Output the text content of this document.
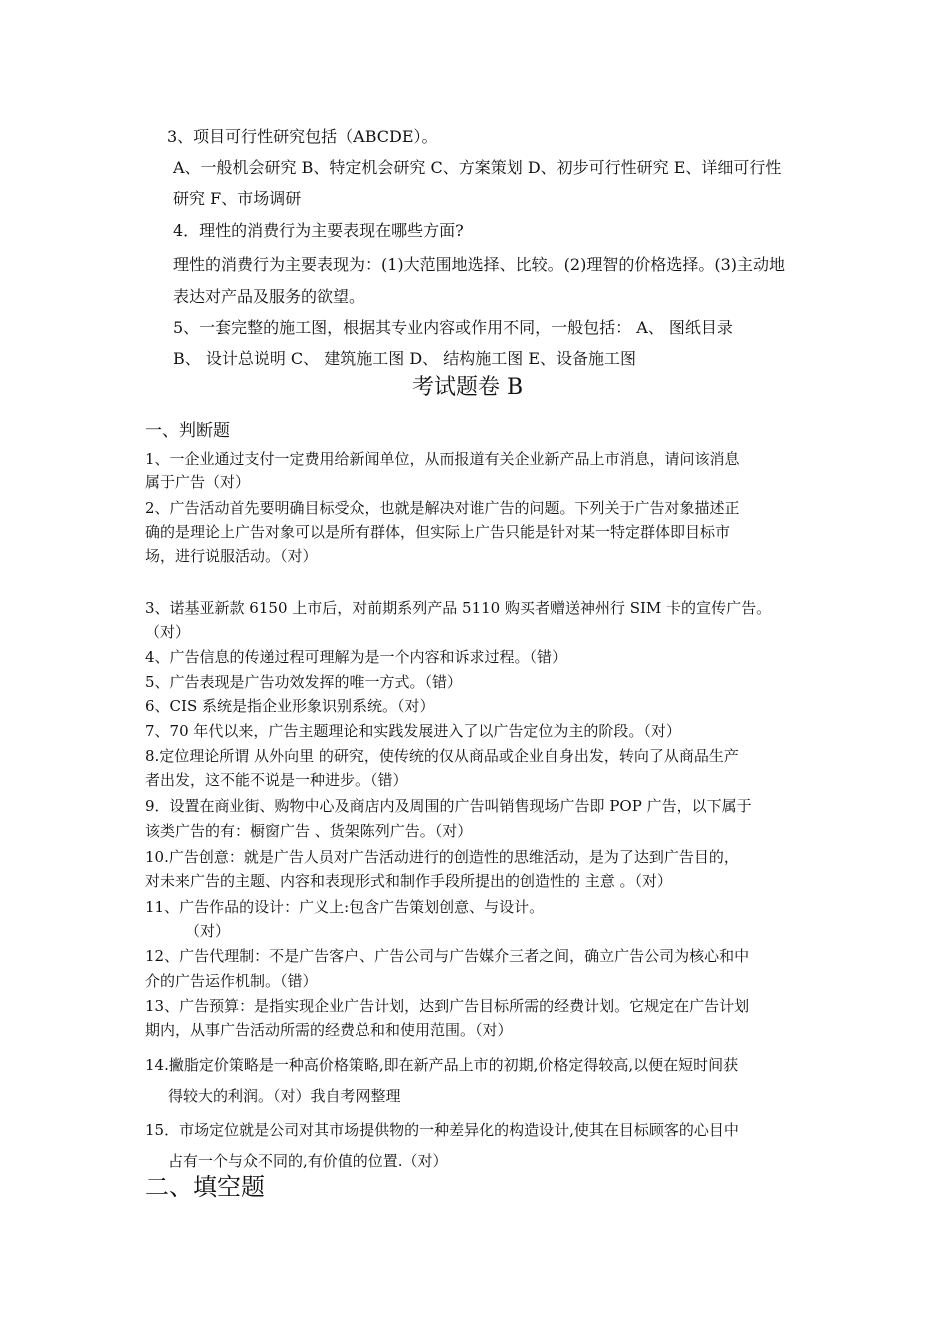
3、项目可行性研究包括（ABCDE）。
A、一般机会研究 B、特定机会研究 C、方案策划 D、初步可行性研究 E、详细可行性
研究 F、市场调研
4．理性的消费行为主要表现在哪些方面?
理性的消费行为主要表现为：(1)大范围地选择、比较。(2)理智的价格选择。(3)主动地
表达对产品及服务的欲望。
5、一套完整的施工图，根据其专业内容或作用不同，一般包括： A、 图纸目录
B、 设计总说明 C、 建筑施工图 D、 结构施工图 E、设备施工图
考试题卷 B
一、判断题
1、一企业通过支付一定费用给新闻单位，从而报道有关企业新产品上市消息，请问该消息
属于广告（对）
2、广告活动首先要明确目标受众，也就是解决对谁广告的问题。下列关于广告对象描述正
确的是理论上广告对象可以是所有群体，但实际上广告只能是针对某一特定群体即目标市
场，进行说服活动。（对）
3、诺基亚新款 6150 上市后，对前期系列产品 5110 购买者赠送神州行 SIM 卡的宣传广告。
（对）
4、广告信息的传递过程可理解为是一个内容和诉求过程。（错）
5、广告表现是广告功效发挥的唯一方式。（错）
6、CIS 系统是指企业形象识别系统。（对）
7、70 年代以来，广告主题理论和实践发展进入了以广告定位为主的阶段。（对）
8.定位理论所谓 从外向里 的研究，使传统的仅从商品或企业自身出发，转向了从商品生产
者出发，这不能不说是一种进步。（错）
9．设置在商业街、购物中心及商店内及周围的广告叫销售现场广告即 POP 广告，以下属于
该类广告的有：橱窗广告 、货架陈列广告。（对）
10.广告创意：就是广告人员对广告活动进行的创造性的思维活动，是为了达到广告目的，
对未来广告的主题、内容和表现形式和制作手段所提出的创造性的 主意 。（对）
11、广告作品的设计：广义上:包含广告策划创意、与设计。
（对）
12、广告代理制：不是广告客户、广告公司与广告媒介三者之间，确立广告公司为核心和中
介的广告运作机制。（错）
13、广告预算：是指实现企业广告计划，达到广告目标所需的经费计划。它规定在广告计划
期内，从事广告活动所需的经费总和和使用范围。（对）
14.撇脂定价策略是一种高价格策略,即在新产品上市的初期,价格定得较高,以便在短时间获
得较大的利润。（对）我自考网整理
15．市场定位就是公司对其市场提供物的一种差异化的构造设计,使其在目标顾客的心目中
占有一个与众不同的,有价值的位置.（对）
二、填空题
